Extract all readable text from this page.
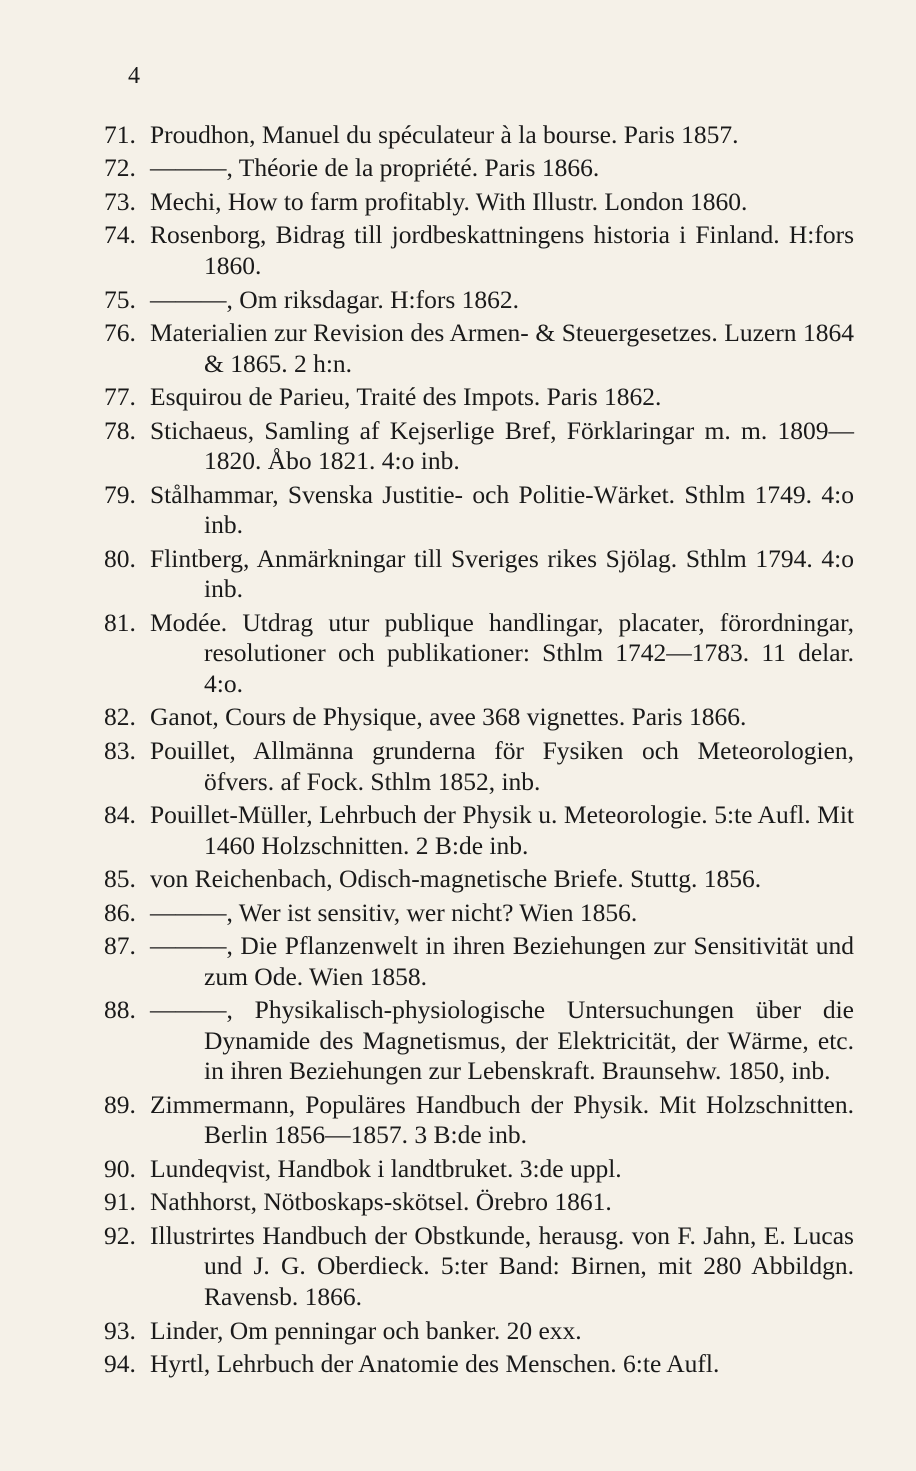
4
71. Proudhon, Manuel du spéculateur à la bourse. Paris 1857.
72. ———, Théorie de la propriété. Paris 1866.
73. Mechi, How to farm profitably. With Illustr. London 1860.
74. Rosenborg, Bidrag till jordbeskattningens historia i Finland. H:fors 1860.
75. ———, Om riksdagar. H:fors 1862.
76. Materialien zur Revision des Armen- & Steuergesetzes. Luzern 1864 & 1865. 2 h:n.
77. Esquirou de Parieu, Traité des Impots. Paris 1862.
78. Stichaeus, Samling af Kejserlige Bref, Förklaringar m. m. 1809—1820. Åbo 1821. 4:o inb.
79. Stålhammar, Svenska Justitie- och Politie-Wärket. Sthlm 1749. 4:o inb.
80. Flintberg, Anmärkningar till Sveriges rikes Sjölag. Sthlm 1794. 4:o inb.
81. Modée. Utdrag utur publique handlingar, placater, förordningar, resolutioner och publikationer: Sthlm 1742—1783. 11 delar. 4:o.
82. Ganot, Cours de Physique, avee 368 vignettes. Paris 1866.
83. Pouillet, Allmänna grunderna för Fysiken och Meteorologien, öfvers. af Fock. Sthlm 1852, inb.
84. Pouillet-Müller, Lehrbuch der Physik u. Meteorologie. 5:te Aufl. Mit 1460 Holzschnitten. 2 B:de inb.
85. von Reichenbach, Odisch-magnetische Briefe. Stuttg. 1856.
86. ———, Wer ist sensitiv, wer nicht? Wien 1856.
87. ———, Die Pflanzenwelt in ihren Beziehungen zur Sensitivität und zum Ode. Wien 1858.
88. ———, Physikalisch-physiologische Untersuchungen über die Dynamide des Magnetismus, der Elektricität, der Wärme, etc. in ihren Beziehungen zur Lebenskraft. Braunsehw. 1850, inb.
89. Zimmermann, Populäres Handbuch der Physik. Mit Holzschnitten. Berlin 1856—1857. 3 B:de inb.
90. Lundeqvist, Handbok i landtbruket. 3:de uppl.
91. Nathhorst, Nötboskaps-skötsel. Örebro 1861.
92. Illustrirtes Handbuch der Obstkunde, herausg. von F. Jahn, E. Lucas und J. G. Oberdieck. 5:ter Band: Birnen, mit 280 Abbildgn. Ravensb. 1866.
93. Linder, Om penningar och banker. 20 exx.
94. Hyrtl, Lehrbuch der Anatomie des Menschen. 6:te Aufl.
